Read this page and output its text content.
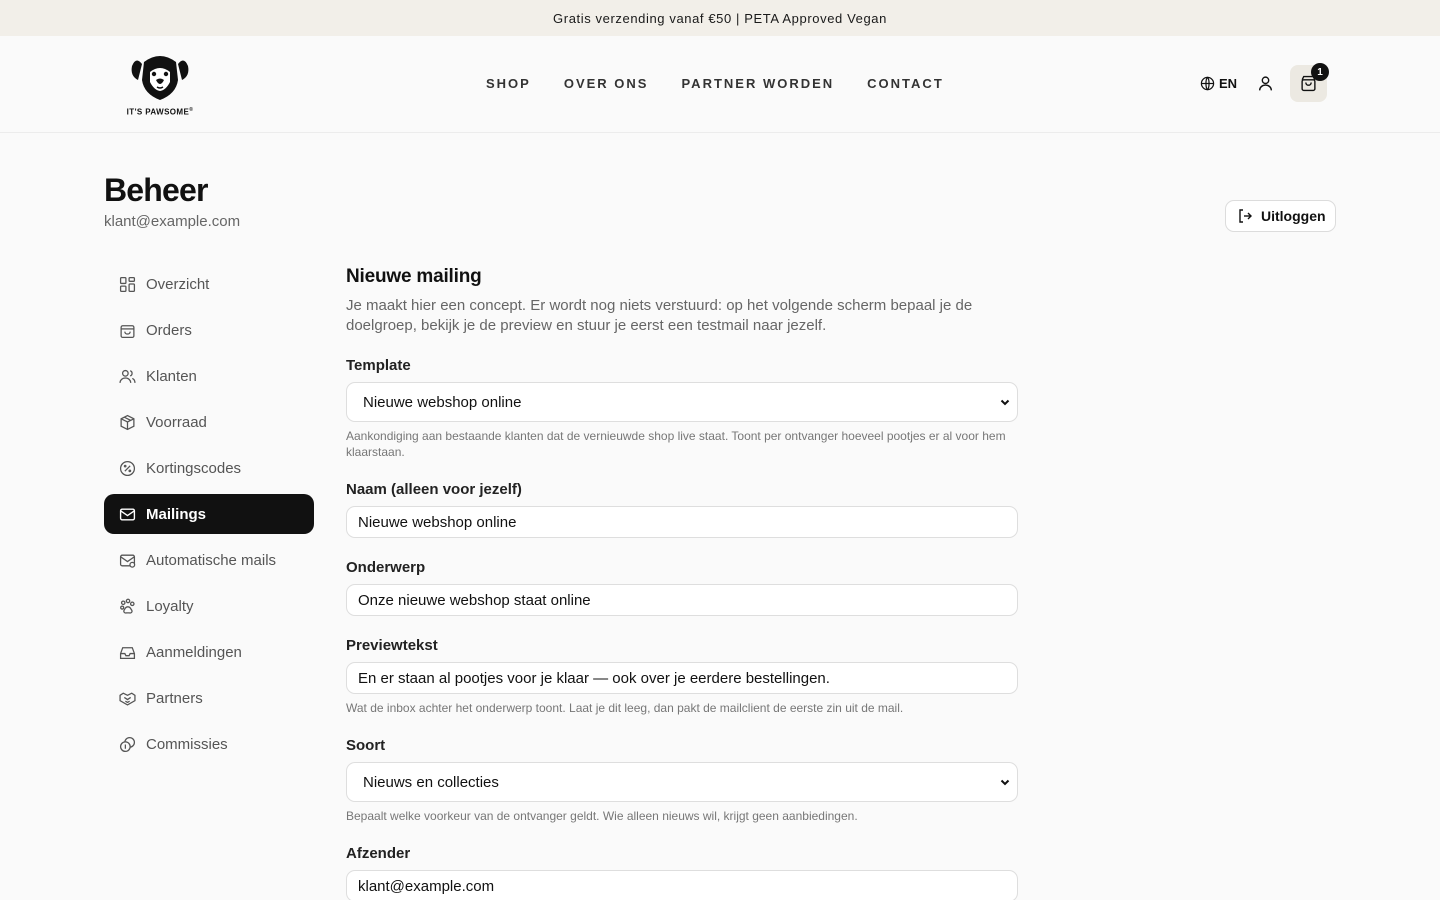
Gratis verzending vanaf €50 | PETA Approved Vegan
IT'S PAWSOME®
SHOP	OVER ONS	PARTNER WORDEN	CONTACT	EN
1
Beheer
klant@example.com	Uitloggen
Overzicht
Orders
Klanten
Voorraad
Kortingscodes
Mailings
Automatische mails
Loyalty
Aanmeldingen
Partners
Commissies
Nieuwe mailing

Je maakt hier een concept. Er wordt nog niets verstuurd: op het volgende scherm bepaal je de doelgroep, bekijk je de preview en stuur je eerst een testmail naar jezelf.

Template
Nieuwe webshop online
Aankondiging aan bestaande klanten dat de vernieuwde shop live staat. Toont per ontvanger hoeveel pootjes er al voor hem klaarstaan.
Naam (alleen voor jezelf)
Nieuwe webshop online
Onderwerp
Onze nieuwe webshop staat online
Previewtekst
En er staan al pootjes voor je klaar — ook over je eerdere bestellingen.
Wat de inbox achter het onderwerp toont. Laat je dit leeg, dan pakt de mailclient de eerste zin uit de mail.
Soort
Nieuws en collecties
Bepaalt welke voorkeur van de ontvanger geldt. Wie alleen nieuws wil, krijgt geen aanbiedingen.
Afzender
klant@example.com
